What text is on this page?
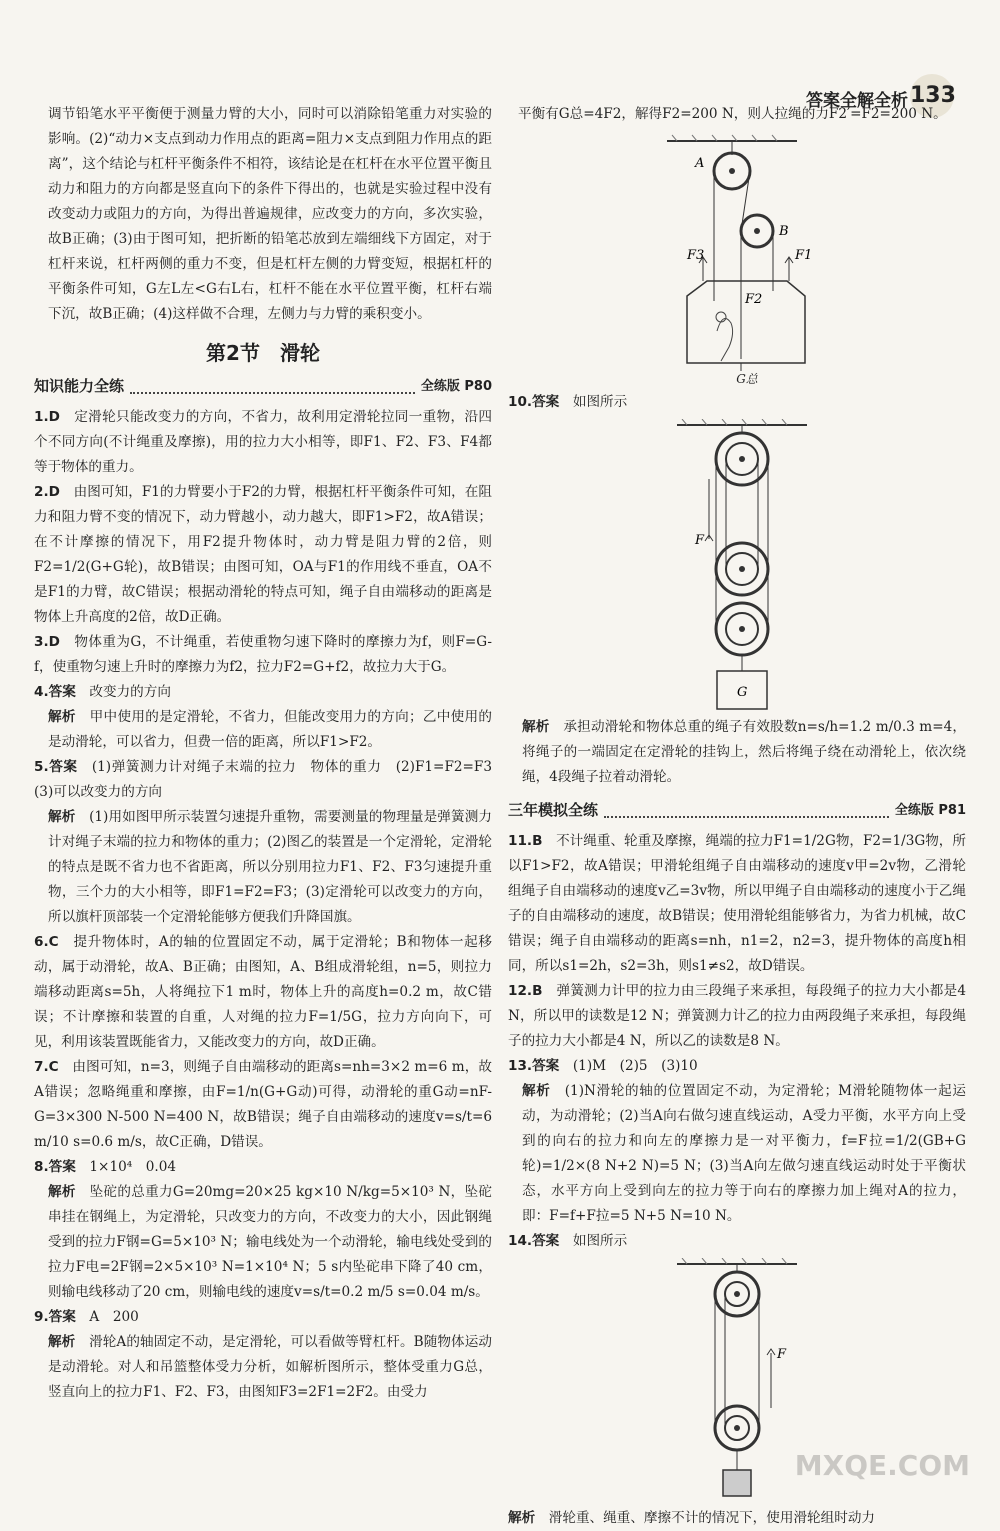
答案全解全析 133

调节铅笔水平平衡便于测量力臂的大小，同时可以消除铅笔重力对实验的影响。(2)“动力×支点到动力作用点的距离=阻力×支点到阻力作用点的距离”，这个结论与杠杆平衡条件不相符，该结论是在杠杆在水平位置平衡且动力和阻力的方向都是竖直向下的条件下得出的，也就是实验过程中没有改变动力或阻力的方向，为得出普遍规律，应改变力的方向，多次实验，故B正确；(3)由于图可知，把折断的铅笔芯放到左端细线下方固定，对于杠杆来说，杠杆两侧的重力不变，但是杠杆左侧的力臂变短，根据杠杆的平衡条件可知，G左L左<G右L右，杠杆不能在水平位置平衡，杠杆右端下沉，故B正确；(4)这样做不合理，左侧力与力臂的乘积变小。

第2节　滑轮
知识能力全练	全练版 P80

1.D　 定滑轮只能改变力的方向，不省力，故利用定滑轮拉同一重物，沿四个不同方向(不计绳重及摩擦)，用的拉力大小相等，即F1、F2、F3、F4都等于物体的重力。

2.D　 由图可知，F1的力臂要小于F2的力臂，根据杠杆平衡条件可知，在阻力和阻力臂不变的情况下，动力臂越小，动力越大，即F1>F2，故A错误；在不计摩擦的情况下，用F2提升物体时，动力臂是阻力臂的2倍，则F2=1/2(G+G轮)，故B错误；由图可知，OA与F1的作用线不垂直，OA不是F1的力臂，故C错误；根据动滑轮的特点可知，绳子自由端移动的距离是物体上升高度的2倍，故D正确。

3.D　 物体重为G，不计绳重，若使重物匀速下降时的摩擦力为f，则F=G-f，使重物匀速上升时的摩擦力为f2，拉力F2=G+f2，故拉力大于G。

4.答案　 改变力的方向

解析　 甲中使用的是定滑轮，不省力，但能改变用力的方向；乙中使用的是动滑轮，可以省力，但费一倍的距离，所以F1>F2。

5.答案　 (1)弹簧测力计对绳子末端的拉力　物体的重力　(2)F1=F2=F3　(3)可以改变力的方向

解析　 (1)用如图甲所示装置匀速提升重物，需要测量的物理量是弹簧测力计对绳子末端的拉力和物体的重力；(2)图乙的装置是一个定滑轮，定滑轮的特点是既不省力也不省距离，所以分别用拉力F1、F2、F3匀速提升重物，三个力的大小相等，即F1=F2=F3；(3)定滑轮可以改变力的方向，所以旗杆顶部装一个定滑轮能够方便我们升降国旗。

6.C　 提升物体时，A的轴的位置固定不动，属于定滑轮；B和物体一起移动，属于动滑轮，故A、B正确；由图知，A、B组成滑轮组，n=5，则拉力端移动距离s=5h，人将绳拉下1 m时，物体上升的高度h=0.2 m，故C错误；不计摩擦和装置的自重，人对绳的拉力F=1/5G，拉力方向向下，可见，利用该装置既能省力，又能改变力的方向，故D正确。

7.C　 由图可知，n=3，则绳子自由端移动的距离s=nh=3×2 m=6 m，故A错误；忽略绳重和摩擦，由F=1/n(G+G动)可得，动滑轮的重G动=nF-G=3×300 N-500 N=400 N，故B错误；绳子自由端移动的速度v=s/t=6 m/10 s=0.6 m/s，故C正确，D错误。

8.答案　 1×10⁴　0.04

解析　 坠砣的总重力G=20mg=20×25 kg×10 N/kg=5×10³ N，坠砣串挂在钢绳上，为定滑轮，只改变力的方向，不改变力的大小，因此钢绳受到的拉力F钢=G=5×10³ N；输电线处为一个动滑轮，输电线处受到的拉力F电=2F钢=2×5×10³ N=1×10⁴ N；5 s内坠砣串下降了40 cm，则输电线移动了20 cm，则输电线的速度v=s/t=0.2 m/5 s=0.04 m/s。

9.答案　 A　200

解析　 滑轮A的轴固定不动，是定滑轮，可以看做等臂杠杆。B随物体运动是动滑轮。对人和吊篮整体受力分析，如解析图所示，整体受重力G总，竖直向上的拉力F1、F2、F3，由图知F3=2F1=2F2。由受力

平衡有G总=4F2，解得F2=200 N，则人拉绳的力F2′=F2=200 N。

A
B
F3	F1
F2
G总

10.答案　 如图所示

F
G

解析　 承担动滑轮和物体总重的绳子有效股数n=s/h=1.2 m/0.3 m=4，将绳子的一端固定在定滑轮的挂钩上，然后将绳子绕在动滑轮上，依次绕绳，4段绳子拉着动滑轮。

三年模拟全练	全练版 P81

11.B　 不计绳重、轮重及摩擦，绳端的拉力F1=1/2G物，F2=1/3G物，所以F1>F2，故A错误；甲滑轮组绳子自由端移动的速度v甲=2v物，乙滑轮组绳子自由端移动的速度v乙=3v物，所以甲绳子自由端移动的速度小于乙绳子的自由端移动的速度，故B错误；使用滑轮组能够省力，为省力机械，故C错误；绳子自由端移动的距离s=nh，n1=2，n2=3，提升物体的高度h相同，所以s1=2h，s2=3h，则s1≠s2，故D错误。

12.B　 弹簧测力计甲的拉力由三段绳子来承担，每段绳子的拉力大小都是4 N，所以甲的读数是12 N；弹簧测力计乙的拉力由两段绳子来承担，每段绳子的拉力大小都是4 N，所以乙的读数是8 N。

13.答案　 (1)M　(2)5　(3)10

解析　 (1)N滑轮的轴的位置固定不动，为定滑轮；M滑轮随物体一起运动，为动滑轮；(2)当A向右做匀速直线运动，A受力平衡，水平方向上受到的向右的拉力和向左的摩擦力是一对平衡力，f=F拉=1/2(GB+G轮)=1/2×(8 N+2 N)=5 N；(3)当A向左做匀速直线运动时处于平衡状态，水平方向上受到向左的拉力等于向右的摩擦力加上绳对A的拉力，即：F=f+F拉=5 N+5 N=10 N。

14.答案　 如图所示

F

解析　 滑轮重、绳重、摩擦不计的情况下，使用滑轮组时动力

MXQE.COM
